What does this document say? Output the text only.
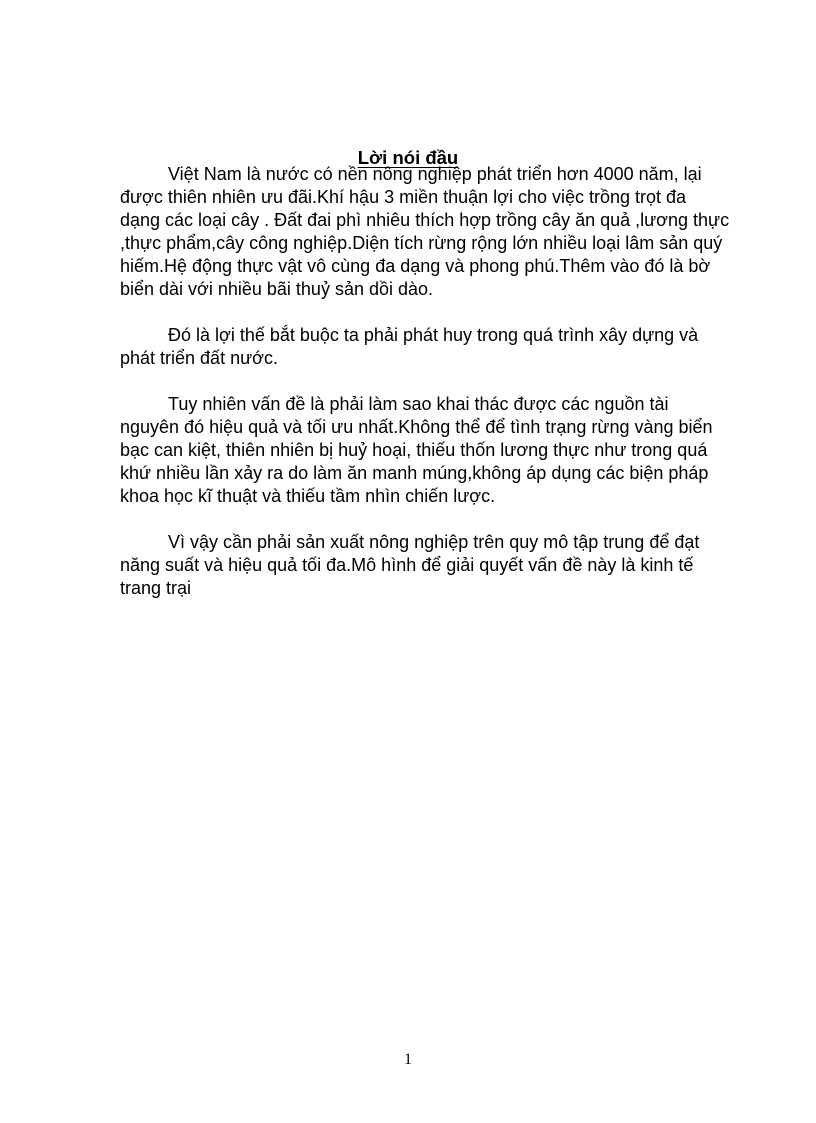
Lời nói đầu

Việt Nam là nước có nền nông nghiệp phát triển hơn 4000 năm, lại được thiên nhiên ưu đãi.Khí hậu 3 miền thuận lợi cho việc trồng trọt đa dạng các loại cây . Đất đai phì nhiêu thích hợp trồng cây ăn quả ,lương thực ,thực phẩm,cây công nghiệp.Diện tích rừng rộng lớn nhiều loại lâm sản quý hiếm.Hệ động thực vật vô cùng đa dạng và phong phú.Thêm vào đó là bờ biển dài với nhiều bãi thuỷ sản dồi dào.

Đó là lợi thế bắt buộc ta phải phát huy trong quá trình xây dựng và phát triển đất nước.

Tuy nhiên vấn đề là phải làm sao khai thác được các nguồn tài nguyên đó hiệu quả và tối ưu nhất.Không thể để tình trạng rừng vàng biển bạc can kiệt, thiên nhiên bị huỷ hoại, thiếu thốn lương thực như trong quá khứ nhiều lần xảy ra do làm ăn manh múng,không áp dụng các biện pháp khoa học kĩ thuật và thiếu tầm nhìn chiến lược.

Vì vậy cần phải sản xuất nông nghiệp trên quy mô tập trung để đạt năng suất và hiệu quả tối đa.Mô hình để giải quyết vấn đề này là kinh tế trang trại

1
